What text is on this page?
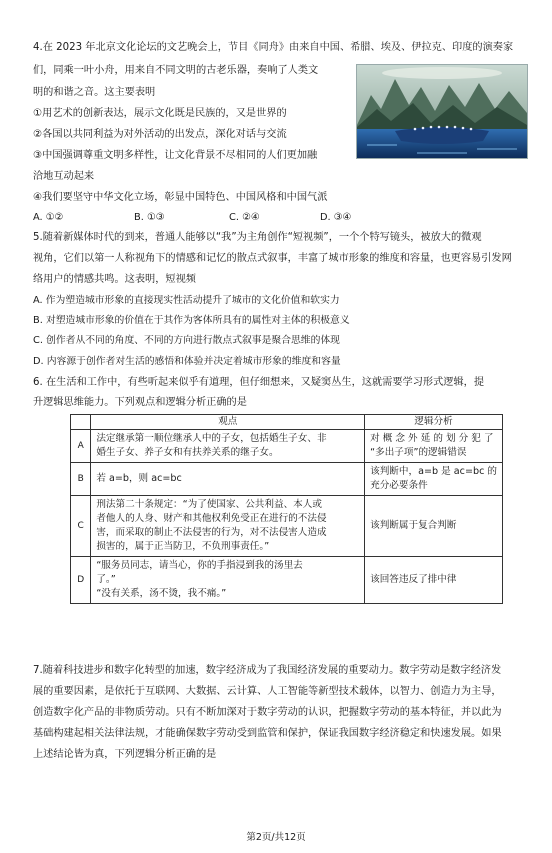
4.在 2023 年北京文化论坛的文艺晚会上，节目《同舟》由来自中国、希腊、埃及、伊拉克、印度的演奏家
们，同乘一叶小舟，用来自不同文明的古老乐器，奏响了人类文
明的和谐之音。这主要表明
①用艺术的创新表达，展示文化既是民族的，又是世界的
②各国以共同利益为对外活动的出发点，深化对话与交流
③中国强调尊重文明多样性，让文化背景不尽相同的人们更加融
洽地互动起来
④我们要坚守中华文化立场，彰显中国特色、中国风格和中国气派
A. ①②	B. ①③	C. ②④	D. ③④
5.随着新媒体时代的到来，普通人能够以“我”为主角创作“短视频”，一个个特写镜头，被放大的微观
视角，它们以第一人称视角下的情感和记忆的散点式叙事，丰富了城市形象的维度和容量，也更容易引发网
络用户的情感共鸣。这表明，短视频
A. 作为塑造城市形象的直接现实性活动提升了城市的文化价值和软实力
B. 对塑造城市形象的价值在于其作为客体所具有的属性对主体的积极意义
C. 创作者从不同的角度、不同的方向进行散点式叙事是聚合思维的体现
D. 内容源于创作者对生活的感悟和体验并决定着城市形象的维度和容量
6. 在生活和工作中，有些听起来似乎有道理，但仔细想来，又疑窦丛生，这就需要学习形式逻辑，提
升逻辑思维能力。下列观点和逻辑分析正确的是
	观点	逻辑分析
A	法定继承第一顺位继承人中的子女，包括婚生子女、非
婚生子女、养子女和有扶养关系的继子女。	对 概 念 外 延 的 划 分 犯 了
“多出子项”的逻辑错误

B	若 a=b，则 ac=bc	该判断中，a=b 是 ac=bc 的
充分必要条件

C	刑法第二十条规定：“为了使国家、公共利益、本人或
者他人的人身、财产和其他权利免受正在进行的不法侵
害，而采取的制止不法侵害的行为，对不法侵害人造成
损害的，属于正当防卫，不负刑事责任。”	该判断属于复合判断

D	“服务员同志，请当心，你的手指浸到我的汤里去
了。”
“没有关系，汤不烫，我不痛。”	该回答违反了排中律
7.随着科技进步和数字化转型的加速，数字经济成为了我国经济发展的重要动力。数字劳动是数字经济发
展的重要因素，是依托于互联网、大数据、云计算、人工智能等新型技术载体，以智力、创造力为主导，
创造数字化产品的非物质劳动。只有不断加深对于数字劳动的认识，把握数字劳动的基本特征，并以此为
基础构建起相关法律法规，才能确保数字劳动受到监管和保护，保证我国数字经济稳定和快速发展。如果
上述结论皆为真，下列逻辑分析正确的是
第2页/共12页
